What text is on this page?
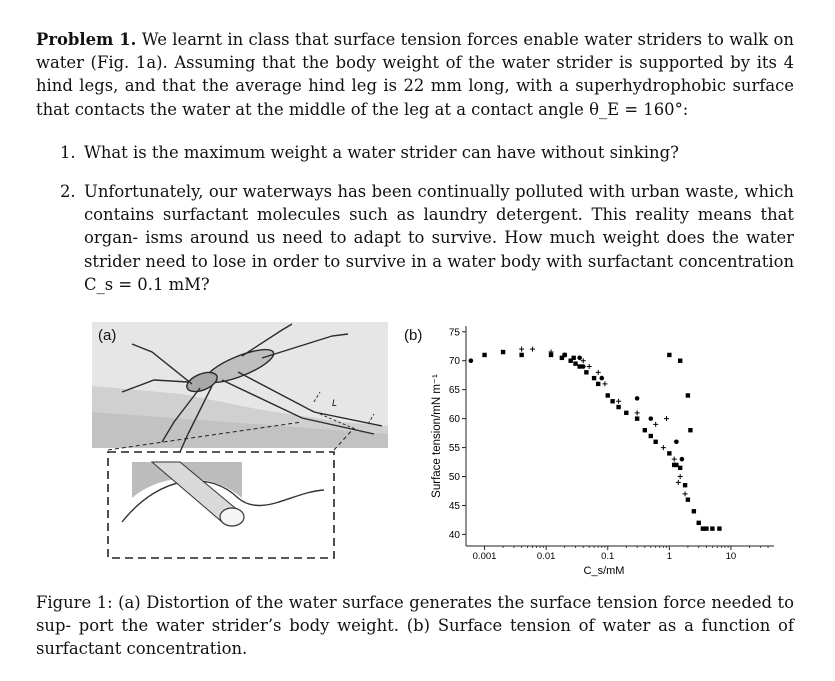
Problem 1. We learnt in class that surface tension forces enable water striders to walk on water (Fig. 1a). Assuming that the body weight of the water strider is supported by its 4 hind legs, and that the average hind leg is 22 mm long, with a superhydrophobic surface that contacts the water at the middle of the leg at a contact angle θ_E = 160°:

1. What is the maximum weight a water strider can have without sinking?

2. Unfortunately, our waterways has been continually polluted with urban waste, which contains surfactant molecules such as laundry detergent. This reality means that organ- isms around us need to adapt to survive. How much weight does the water strider need to lose in order to survive in a water body with surfactant concentration C_s = 0.1 mM?

L
(a)	(b)
40
45
50
55
60
65
70
75
0.001	0.01	0.1	1	10
Surface tension/mN m⁻¹
C_s/mM

Figure 1: (a) Distortion of the water surface generates the surface tension force needed to sup- port the water strider’s body weight. (b) Surface tension of water as a function of surfactant concentration.
